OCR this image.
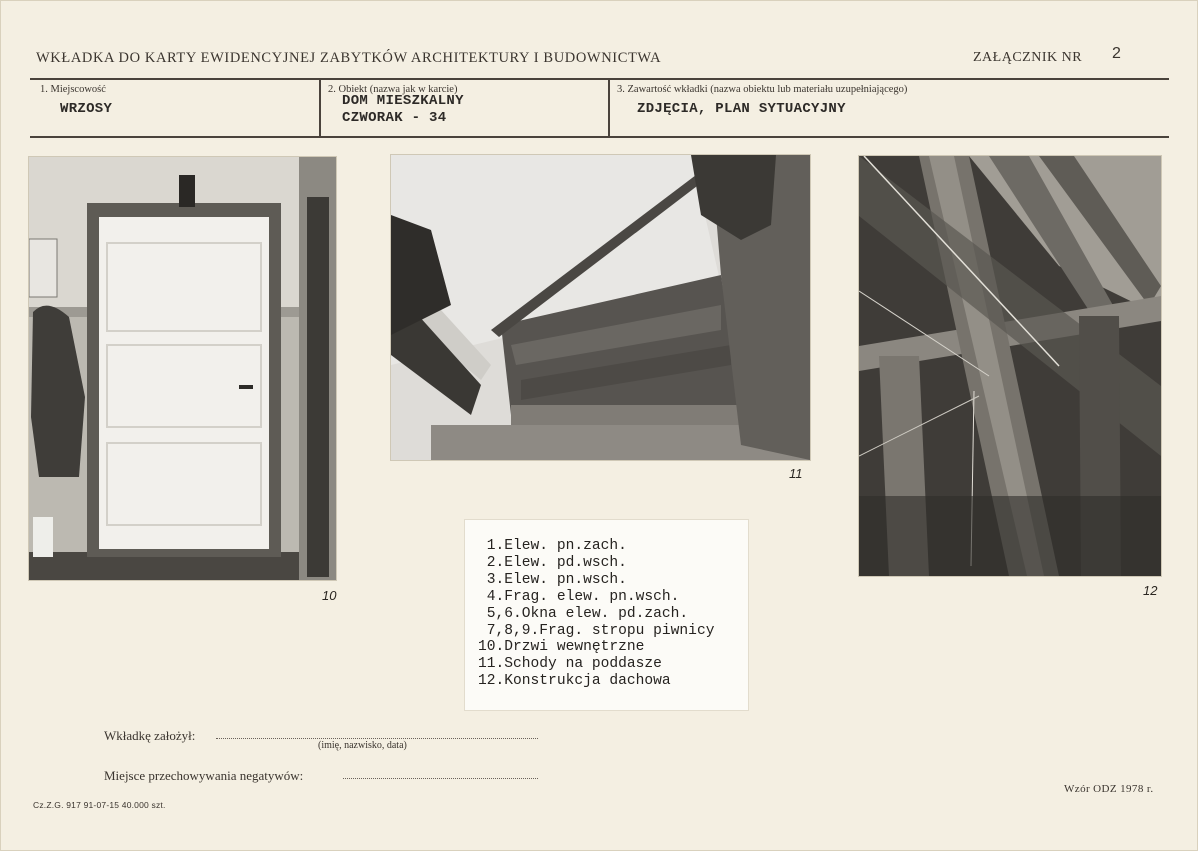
WKŁADKA DO KARTY EWIDENCYJNEJ ZABYTKÓW ARCHITEKTURY I BUDOWNICTWA	ZAŁĄCZNIK NR 2
1. Miejscowość
WRZOSY
2. Obiekt (nazwa jak w karcie)
DOM MIESZKALNY
CZWORAK - 34
3. Zawartość wkładki (nazwa obiektu lub materiału uzupełniającego)
ZDJĘCIA, PLAN SYTUACYJNY
10
11
12
1.Elew. pn.zach.
2.Elew. pd.wsch.
3.Elew. pn.wsch.
4.Frag. elew. pn.wsch.
5,6.Okna elew. pd.zach.
7,8,9.Frag. stropu piwnicy
10.Drzwi wewnętrzne
11.Schody na poddasze
12.Konstrukcja dachowa
Wkładkę założył:
(imię, nazwisko, data)
Miejsce przechowywania negatywów:
Cz.Z.G. 917 91-07-15 40.000 szt.
Wzór ODZ 1978 r.
